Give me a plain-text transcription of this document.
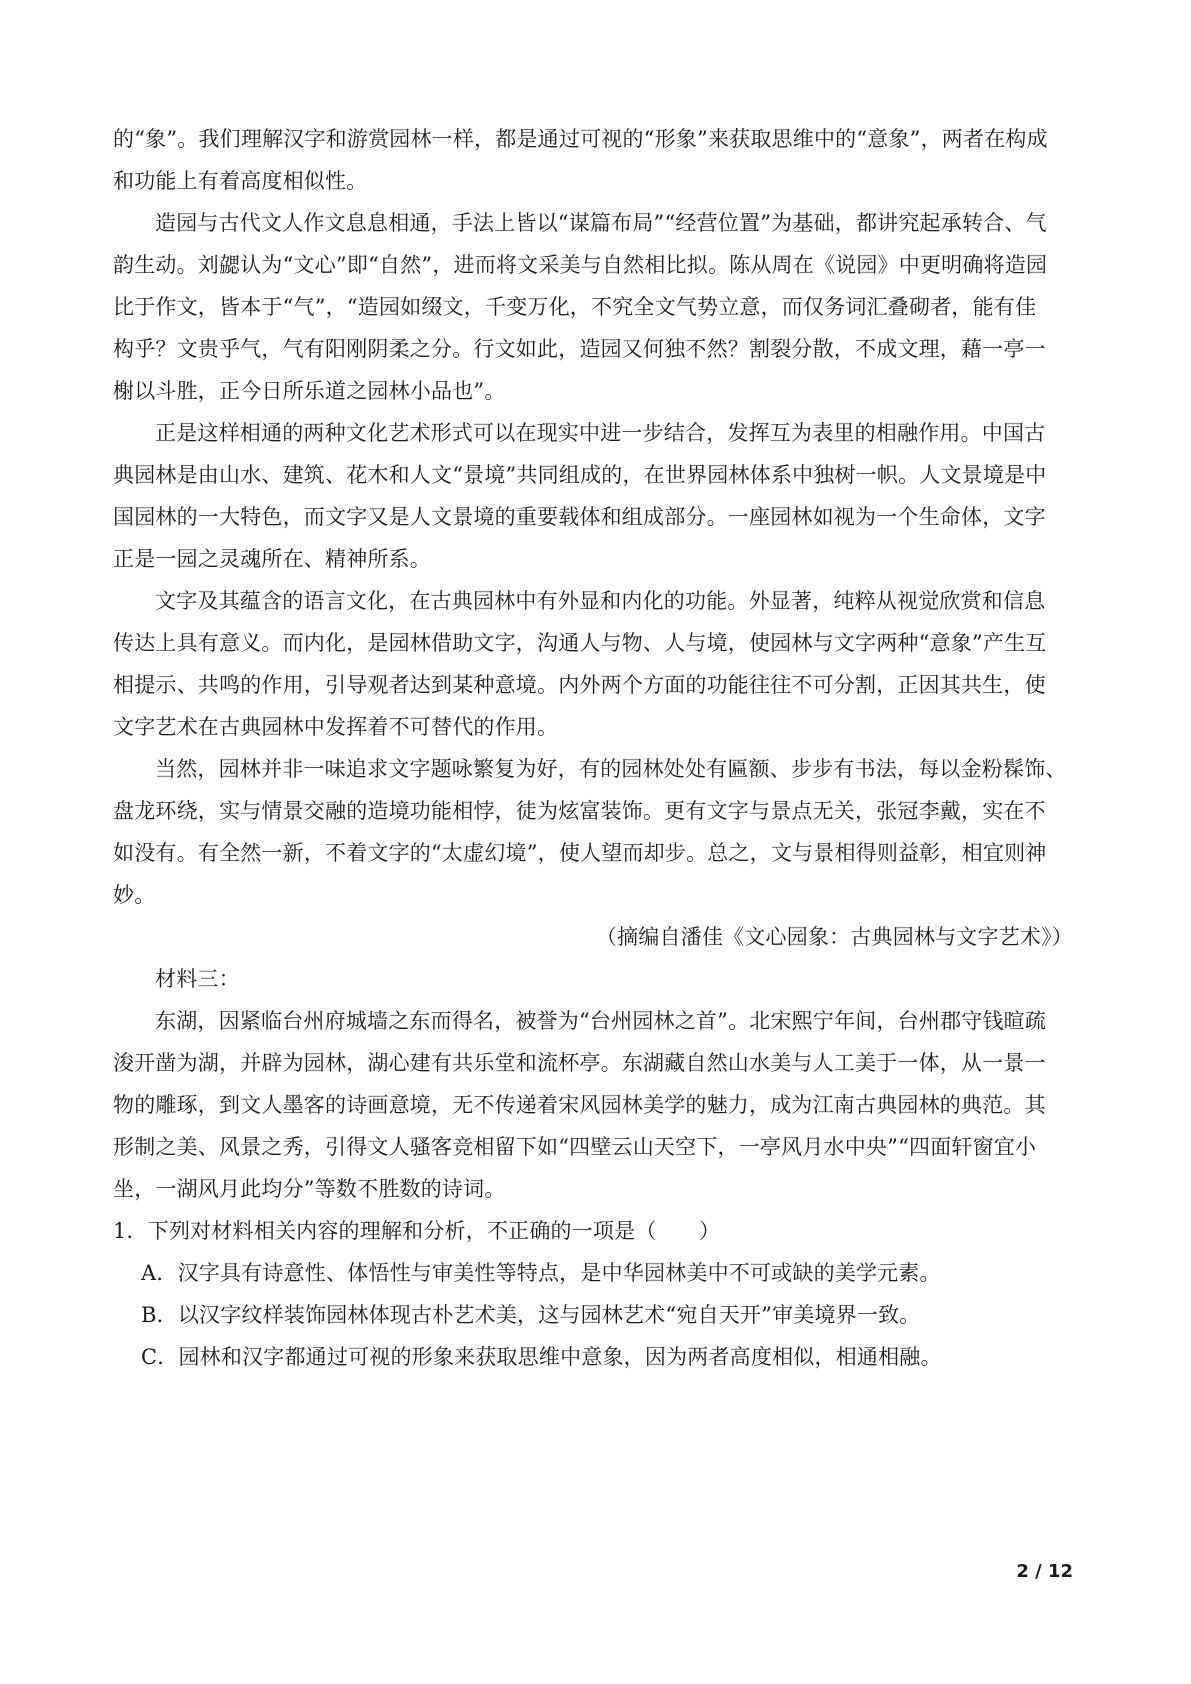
的“象”。我们理解汉字和游赏园林一样，都是通过可视的“形象”来获取思维中的“意象”，两者在构成
和功能上有着高度相似性。
造园与古代文人作文息息相通，手法上皆以“谋篇布局”“经营位置”为基础，都讲究起承转合、气
韵生动。刘勰认为“文心”即“自然”，进而将文采美与自然相比拟。陈从周在《说园》中更明确将造园
比于作文，皆本于“气”，“造园如缀文，千变万化，不究全文气势立意，而仅务词汇叠砌者，能有佳
构乎？文贵乎气，气有阳刚阴柔之分。行文如此，造园又何独不然？割裂分散，不成文理，藉一亭一
榭以斗胜，正今日所乐道之园林小品也”。
正是这样相通的两种文化艺术形式可以在现实中进一步结合，发挥互为表里的相融作用。中国古
典园林是由山水、建筑、花木和人文“景境”共同组成的，在世界园林体系中独树一帜。人文景境是中
国园林的一大特色，而文字又是人文景境的重要载体和组成部分。一座园林如视为一个生命体，文字
正是一园之灵魂所在、精神所系。
文字及其蕴含的语言文化，在古典园林中有外显和内化的功能。外显著，纯粹从视觉欣赏和信息
传达上具有意义。而内化，是园林借助文字，沟通人与物、人与境，使园林与文字两种“意象”产生互
相提示、共鸣的作用，引导观者达到某种意境。内外两个方面的功能往往不可分割，正因其共生，使
文字艺术在古典园林中发挥着不可替代的作用。
当然，园林并非一味追求文字题咏繁复为好，有的园林处处有匾额、步步有书法，每以金粉髹饰、
盘龙环绕，实与情景交融的造境功能相悖，徒为炫富装饰。更有文字与景点无关，张冠李戴，实在不
如没有。有全然一新，不着文字的“太虚幻境”，使人望而却步。总之，文与景相得则益彰，相宜则神
妙。
（摘编自潘佳《文心园象：古典园林与文字艺术》）
材料三：
东湖，因紧临台州府城墙之东而得名，被誉为“台州园林之首”。北宋熙宁年间，台州郡守钱暄疏
浚开凿为湖，并辟为园林，湖心建有共乐堂和流杯亭。东湖藏自然山水美与人工美于一体，从一景一
物的雕琢，到文人墨客的诗画意境，无不传递着宋风园林美学的魅力，成为江南古典园林的典范。其
形制之美、风景之秀，引得文人骚客竞相留下如“四壁云山天空下，一亭风月水中央”“四面轩窗宜小
坐，一湖风月此均分”等数不胜数的诗词。
1．下列对材料相关内容的理解和分析，不正确的一项是（　　）
A．汉字具有诗意性、体悟性与审美性等特点，是中华园林美中不可或缺的美学元素。
B．以汉字纹样装饰园林体现古朴艺术美，这与园林艺术“宛自天开”审美境界一致。
C．园林和汉字都通过可视的形象来获取思维中意象，因为两者高度相似，相通相融。
2 / 12
